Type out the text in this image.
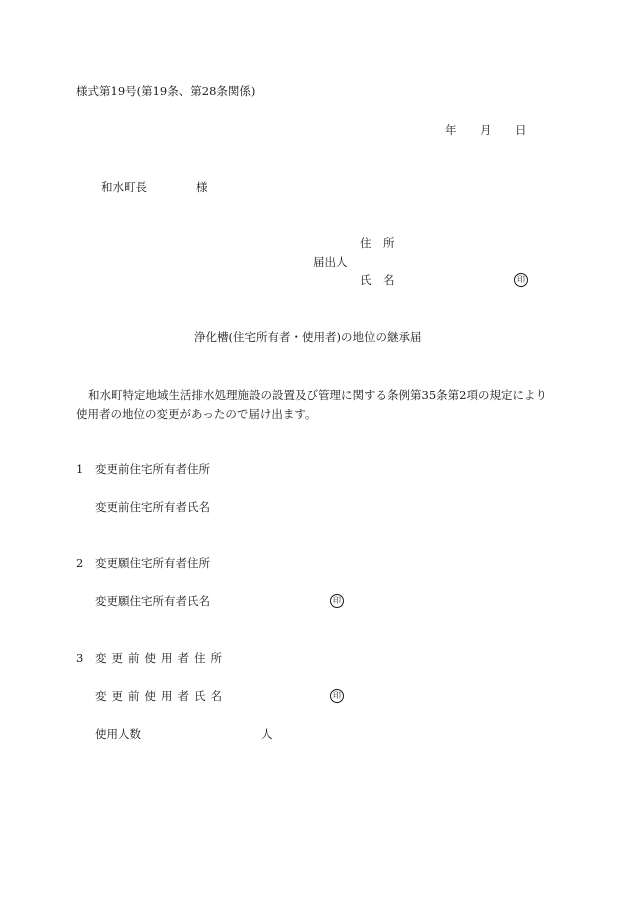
様式第19号(第19条、第28条関係)
年 月 日
和水町長	様
住　所
届出人
氏　名	印
浄化槽(住宅所有者・使用者)の地位の継承届
和水町特定地域生活排水処理施設の設置及び管理に関する条例第35条第2項の規定により使用者の地位の変更があったので届け出ます。
1 変更前住宅所有者住所
変更前住宅所有者氏名
2 変更願住宅所有者住所
変更願住宅所有者氏名	印
3 変更前使用者住所
変更前使用者氏名	印
使用人数	人
